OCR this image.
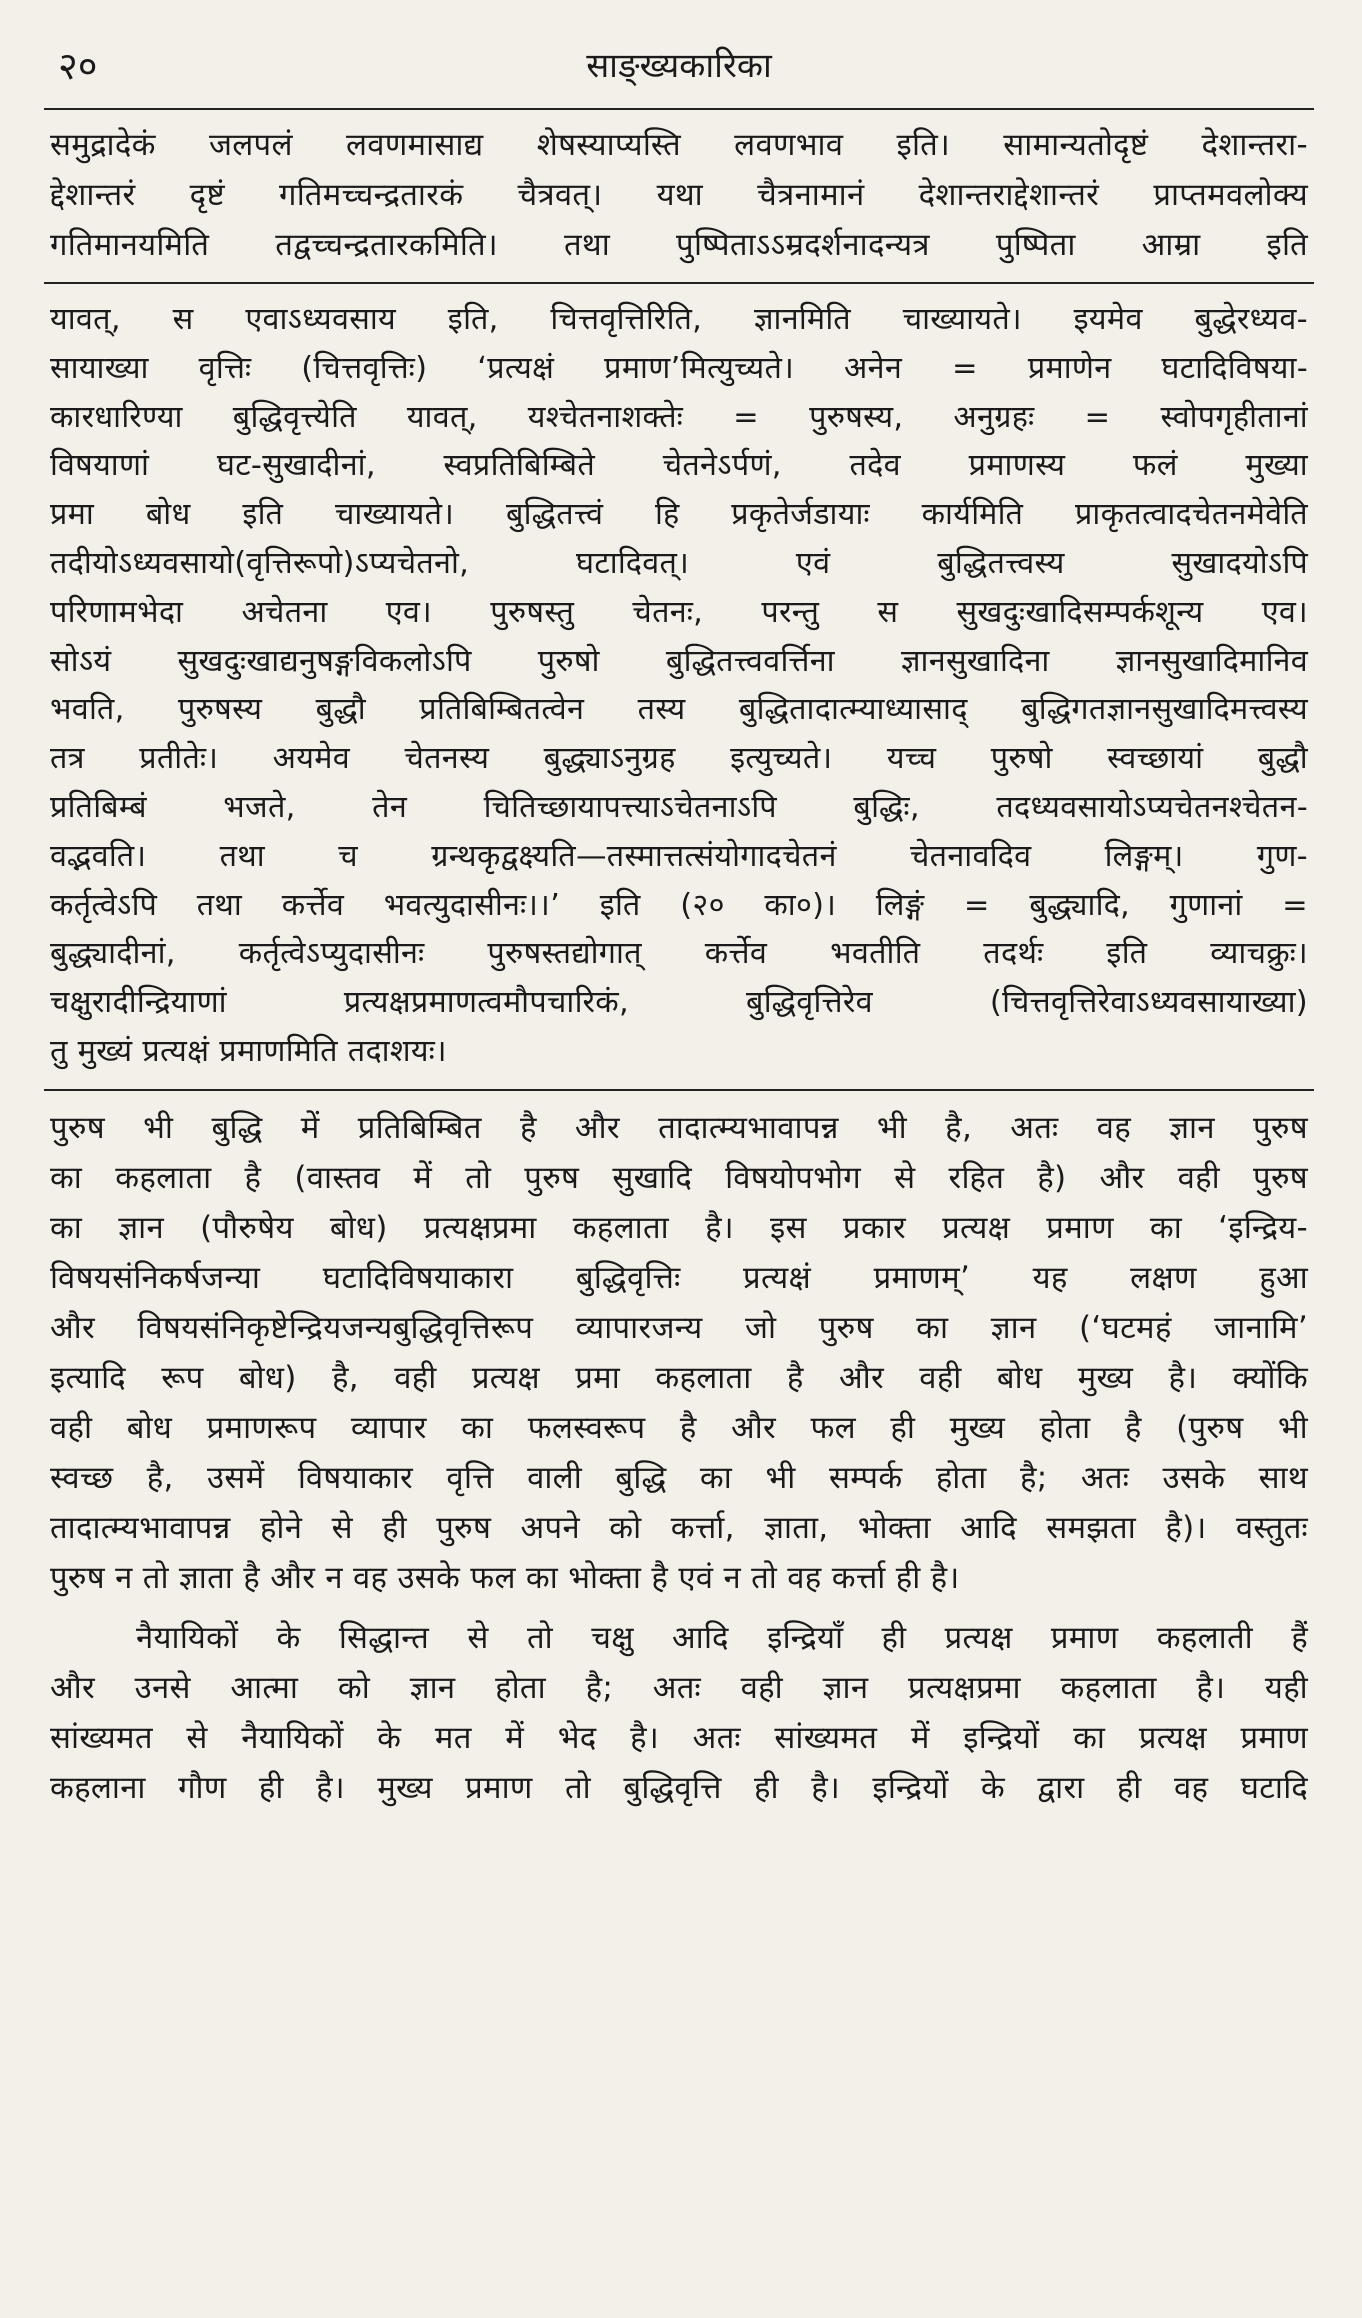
२०	साङ्ख्यकारिका

समुद्रादेकं जलपलं लवणमासाद्य शेषस्याप्यस्ति लवणभाव इति। सामान्यतोदृष्टं देशान्तरा-

द्देशान्तरं दृष्टं गतिमच्चन्द्रतारकं चैत्रवत्। यथा चैत्रनामानं देशान्तराद्देशान्तरं प्राप्तमवलोक्य

गतिमानयमिति तद्वच्चन्द्रतारकमिति। तथा पुष्पिताऽऽम्रदर्शनादन्यत्र पुष्पिता आम्रा इति

यावत्, स एवाऽध्यवसाय इति, चित्तवृत्तिरिति, ज्ञानमिति चाख्यायते। इयमेव बुद्धेरध्यव-

सायाख्या वृत्तिः (चित्तवृत्तिः) ‘प्रत्यक्षं प्रमाण’मित्युच्यते। अनेन = प्रमाणेन घटादिविषया-

कारधारिण्या बुद्धिवृत्त्येति यावत्, यश्चेतनाशक्तेः = पुरुषस्य, अनुग्रहः = स्वोपगृहीतानां

विषयाणां घट-सुखादीनां, स्वप्रतिबिम्बिते चेतनेऽर्पणं, तदेव प्रमाणस्य फलं मुख्या

प्रमा बोध इति चाख्यायते। बुद्धितत्त्वं हि प्रकृतेर्जडायाः कार्यमिति प्राकृतत्वादचेतनमेवेति

तदीयोऽध्यवसायो(वृत्तिरूपो)ऽप्यचेतनो, घटादिवत्। एवं बुद्धितत्त्वस्य सुखादयोऽपि

परिणामभेदा अचेतना एव। पुरुषस्तु चेतनः, परन्तु स सुखदुःखादिसम्पर्कशून्य एव।

सोऽयं सुखदुःखाद्यनुषङ्गविकलोऽपि पुरुषो बुद्धितत्त्ववर्त्तिना ज्ञानसुखादिना ज्ञानसुखादिमानिव

भवति, पुरुषस्य बुद्धौ प्रतिबिम्बितत्वेन तस्य बुद्धितादात्म्याध्यासाद् बुद्धिगतज्ञानसुखादिमत्त्वस्य

तत्र प्रतीतेः। अयमेव चेतनस्य बुद्ध्याऽनुग्रह इत्युच्यते। यच्च पुरुषो स्वच्छायां बुद्धौ

प्रतिबिम्बं भजते, तेन चितिच्छायापत्त्याऽचेतनाऽपि बुद्धिः, तदध्यवसायोऽप्यचेतनश्चेतन-

वद्भवति। तथा च ग्रन्थकृद्वक्ष्यति—तस्मात्तत्संयोगादचेतनं चेतनावदिव लिङ्गम्। गुण-

कर्तृत्वेऽपि तथा कर्त्तेव भवत्युदासीनः।।’ इति (२० का०)। लिङ्गं = बुद्ध्यादि, गुणानां =

बुद्ध्यादीनां, कर्तृत्वेऽप्युदासीनः पुरुषस्तद्योगात् कर्त्तेव भवतीति तदर्थः इति व्याचक्रुः।

चक्षुरादीन्द्रियाणां प्रत्यक्षप्रमाणत्वमौपचारिकं, बुद्धिवृत्तिरेव (चित्तवृत्तिरेवाऽध्यवसायाख्या)

तु मुख्यं प्रत्यक्षं प्रमाणमिति तदाशयः।

पुरुष भी बुद्धि में प्रतिबिम्बित है और तादात्म्यभावापन्न भी है, अतः वह ज्ञान पुरुष

का कहलाता है (वास्तव में तो पुरुष सुखादि विषयोपभोग से रहित है) और वही पुरुष

का ज्ञान (पौरुषेय बोध) प्रत्यक्षप्रमा कहलाता है। इस प्रकार प्रत्यक्ष प्रमाण का ‘इन्द्रिय-

विषयसंनिकर्षजन्या घटादिविषयाकारा बुद्धिवृत्तिः प्रत्यक्षं प्रमाणम्’ यह लक्षण हुआ

और विषयसंनिकृष्टेन्द्रियजन्यबुद्धिवृत्तिरूप व्यापारजन्य जो पुरुष का ज्ञान (‘घटमहं जानामि’

इत्यादि रूप बोध) है, वही प्रत्यक्ष प्रमा कहलाता है और वही बोध मुख्य है। क्योंकि

वही बोध प्रमाणरूप व्यापार का फलस्वरूप है और फल ही मुख्य होता है (पुरुष भी

स्वच्छ है, उसमें विषयाकार वृत्ति वाली बुद्धि का भी सम्पर्क होता है; अतः उसके साथ

तादात्म्यभावापन्न होने से ही पुरुष अपने को कर्त्ता, ज्ञाता, भोक्ता आदि समझता है)। वस्तुतः

पुरुष न तो ज्ञाता है और न वह उसके फल का भोक्ता है एवं न तो वह कर्त्ता ही है।

नैयायिकों के सिद्धान्त से तो चक्षु आदि इन्द्रियाँ ही प्रत्यक्ष प्रमाण कहलाती हैं

और उनसे आत्मा को ज्ञान होता है; अतः वही ज्ञान प्रत्यक्षप्रमा कहलाता है। यही

सांख्यमत से नैयायिकों के मत में भेद है। अतः सांख्यमत में इन्द्रियों का प्रत्यक्ष प्रमाण

कहलाना गौण ही है। मुख्य प्रमाण तो बुद्धिवृत्ति ही है। इन्द्रियों के द्वारा ही वह घटादि
